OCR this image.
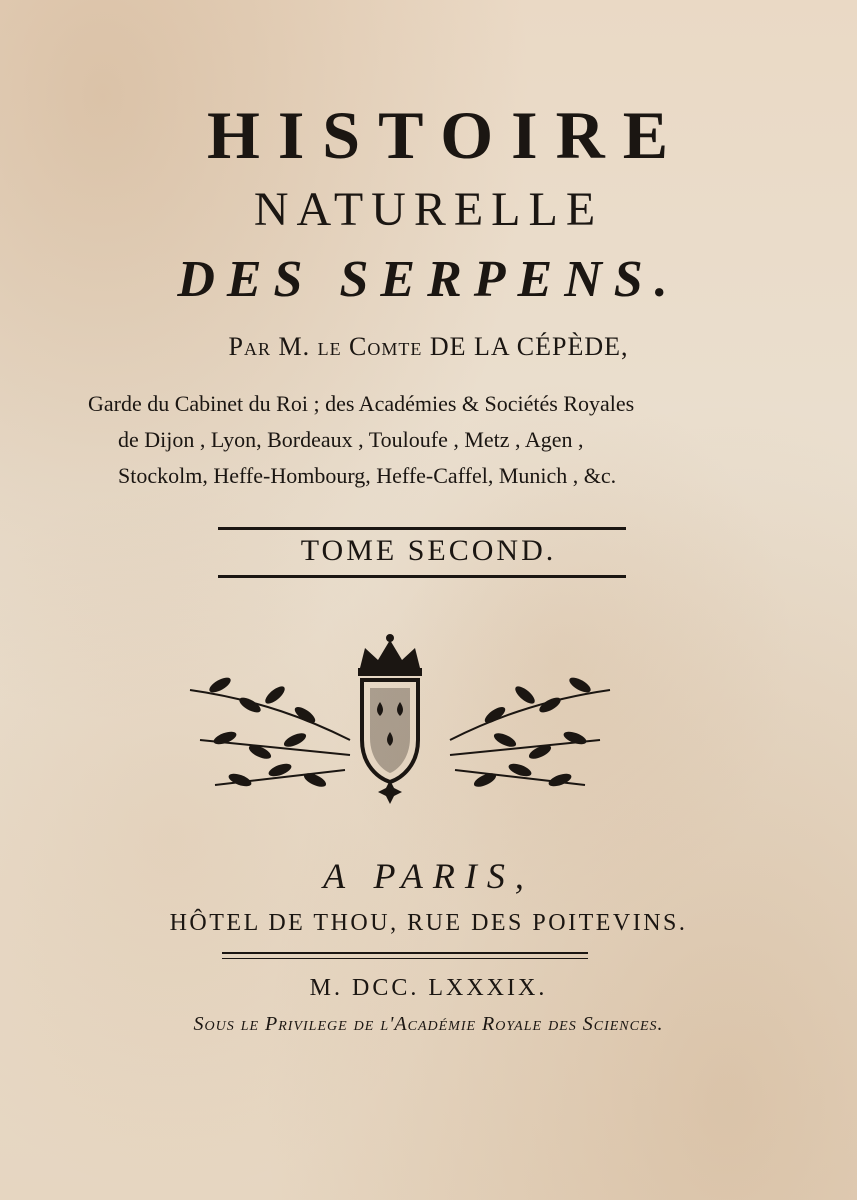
HISTOIRE
NATURELLE
DES SERPENS.
Par M. le Comte DE LA CÉPÈDE,
Garde du Cabinet du Roi ; des Académies & Sociétés Royales
de Dijon , Lyon, Bordeaux , Touloufe , Metz , Agen ,
Stockolm, Heffe-Hombourg, Heffe-Caffel, Munich , &c.
TOME SECOND.
A PARIS,
HÔTEL DE THOU, RUE DES POITEVINS.
M. DCC. LXXXIX.
Sous le Privilege de l'Académie Royale des Sciences.
